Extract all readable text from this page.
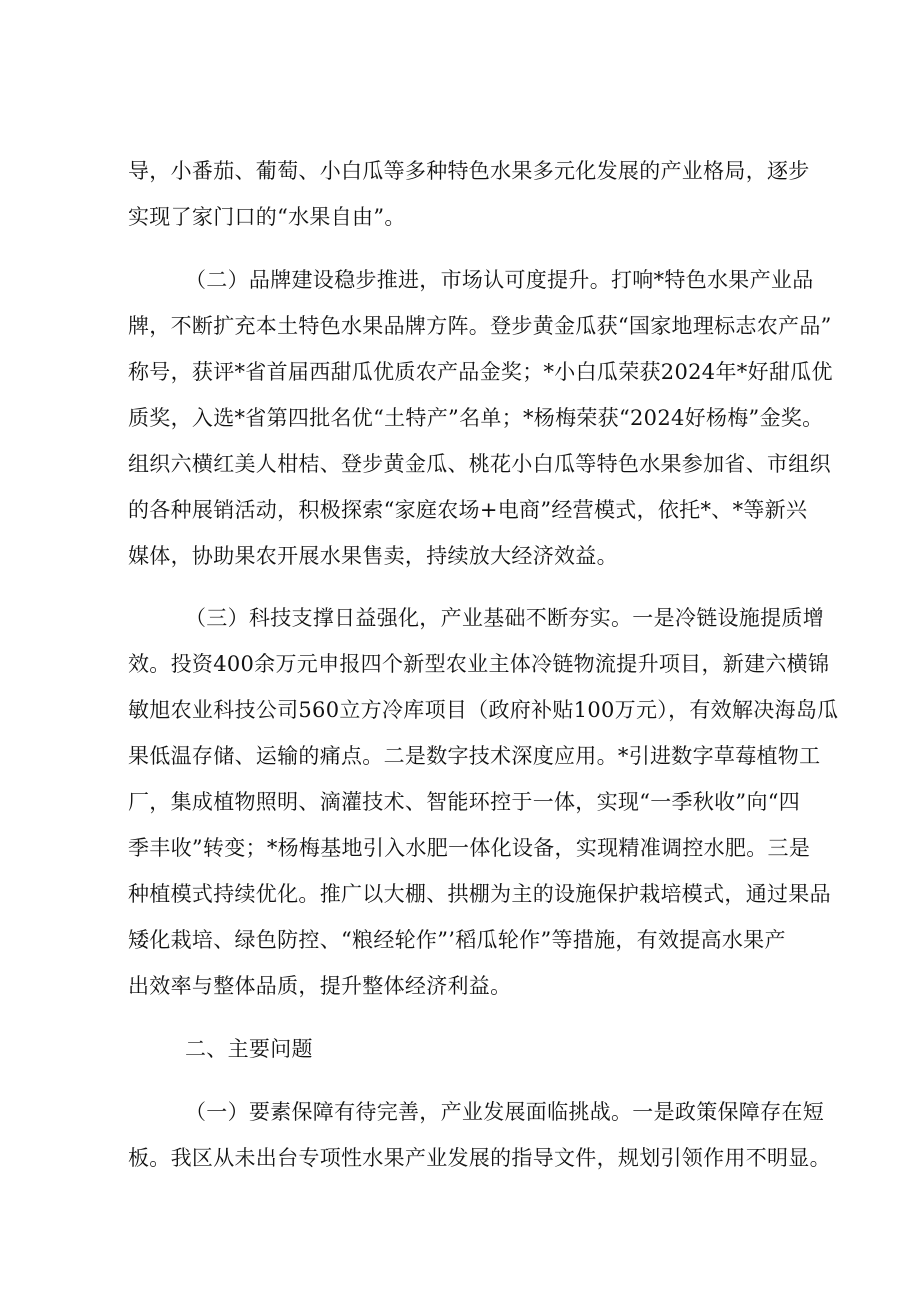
导，小番茄、葡萄、小白瓜等多种特色水果多元化发展的产业格局，逐步
实现了家门口的“水果自由”。
（二）品牌建设稳步推进，市场认可度提升。打响*特色水果产业品
牌，不断扩充本土特色水果品牌方阵。登步黄金瓜获“国家地理标志农产品”
称号，获评*省首届西甜瓜优质农产品金奖；*小白瓜荣获2024年*好甜瓜优
质奖，入选*省第四批名优“土特产”名单；*杨梅荣获“2024好杨梅”金奖。
组织六横红美人柑桔、登步黄金瓜、桃花小白瓜等特色水果参加省、市组织
的各种展销活动，积极探索“家庭农场+电商”经营模式，依托*、*等新兴
媒体，协助果农开展水果售卖，持续放大经济效益。
（三）科技支撑日益强化，产业基础不断夯实。一是冷链设施提质增
效。投资400余万元申报四个新型农业主体冷链物流提升项目，新建六横锦
敏旭农业科技公司560立方冷库项目（政府补贴100万元），有效解决海岛瓜
果低温存储、运输的痛点。二是数字技术深度应用。*引进数字草莓植物工
厂，集成植物照明、滴灌技术、智能环控于一体，实现“一季秋收”向“四
季丰收”转变；*杨梅基地引入水肥一体化设备，实现精准调控水肥。三是
种植模式持续优化。推广以大棚、拱棚为主的设施保护栽培模式，通过果品
矮化栽培、绿色防控、“粮经轮作”’稻瓜轮作”等措施，有效提高水果产
出效率与整体品质，提升整体经济利益。
二、主要问题
（一）要素保障有待完善，产业发展面临挑战。一是政策保障存在短
板。我区从未出台专项性水果产业发展的指导文件，规划引领作用不明显。
